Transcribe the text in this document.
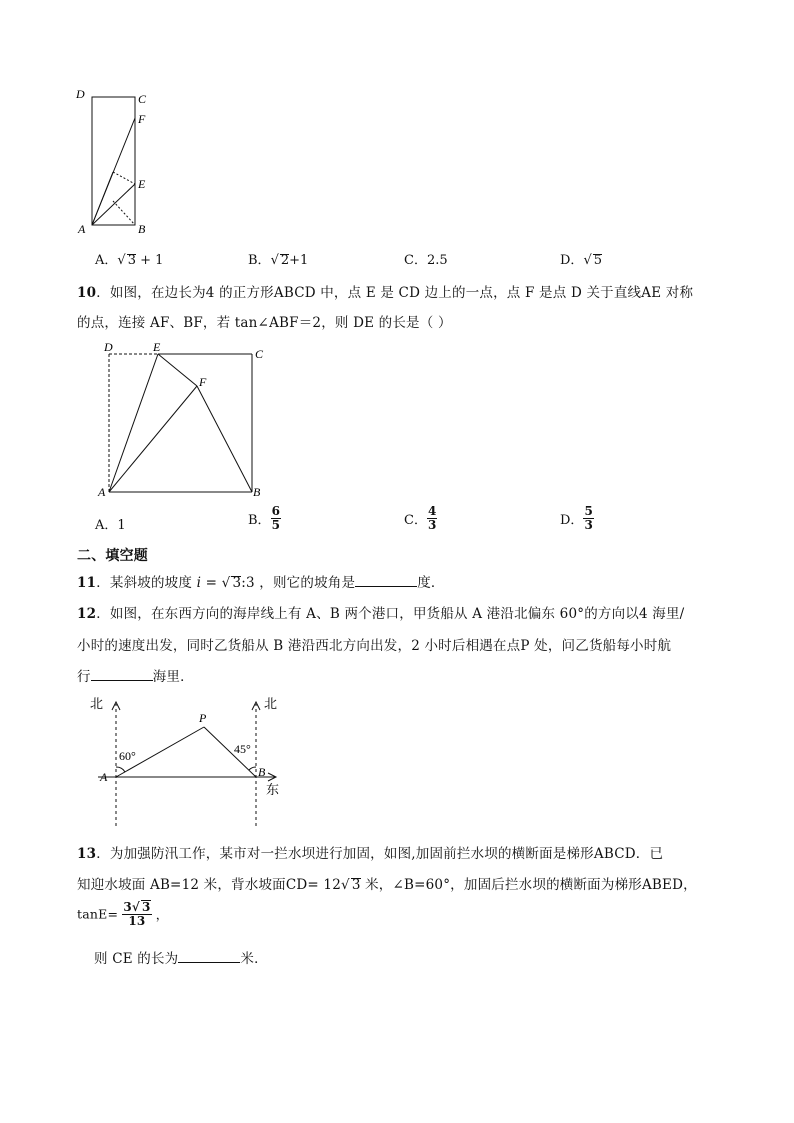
D	C
F
E
A	B
A．√ 3 + 1	B．√ 2+1	C．2.5	D．√ 5
10．如图，在边长为4 的正方形ABCD 中，点 E 是 CD 边上的一点，点 F 是点 D 关于直线AE 对称
的点，连接 AF、BF，若 tan∠ABF＝2，则 DE 的长是（ ）
D	E	C
F
A	B
A．1	B． $\frac{6}{5}$	C． $\frac{4}{3}$	D． $\frac{5}{3}$
二、填空题
11．某斜坡的坡度 i = √ 3:3 ，则它的坡角是	度．
12．如图，在东西方向的海岸线上有 A、B 两个港口，甲货船从 A 港沿北偏东 60°的方向以4 海里/
小时的速度出发，同时乙货船从 B 港沿西北方向出发，2 小时后相遇在点P 处，问乙货船每小时航
行	海里．
北	北
P
60°	45°
A	B
东
13．为加强防汛工作，某市对一拦水坝进行加固，如图,加固前拦水坝的横断面是梯形ABCD．已
知迎水坡面 AB=12 米，背水坡面CD= 12√ 3 米，∠B=60°，加固后拦水坝的横断面为梯形ABED，
$\tan E= \frac{3√ 3}{13}$ ，
则 CE 的长为	米．
